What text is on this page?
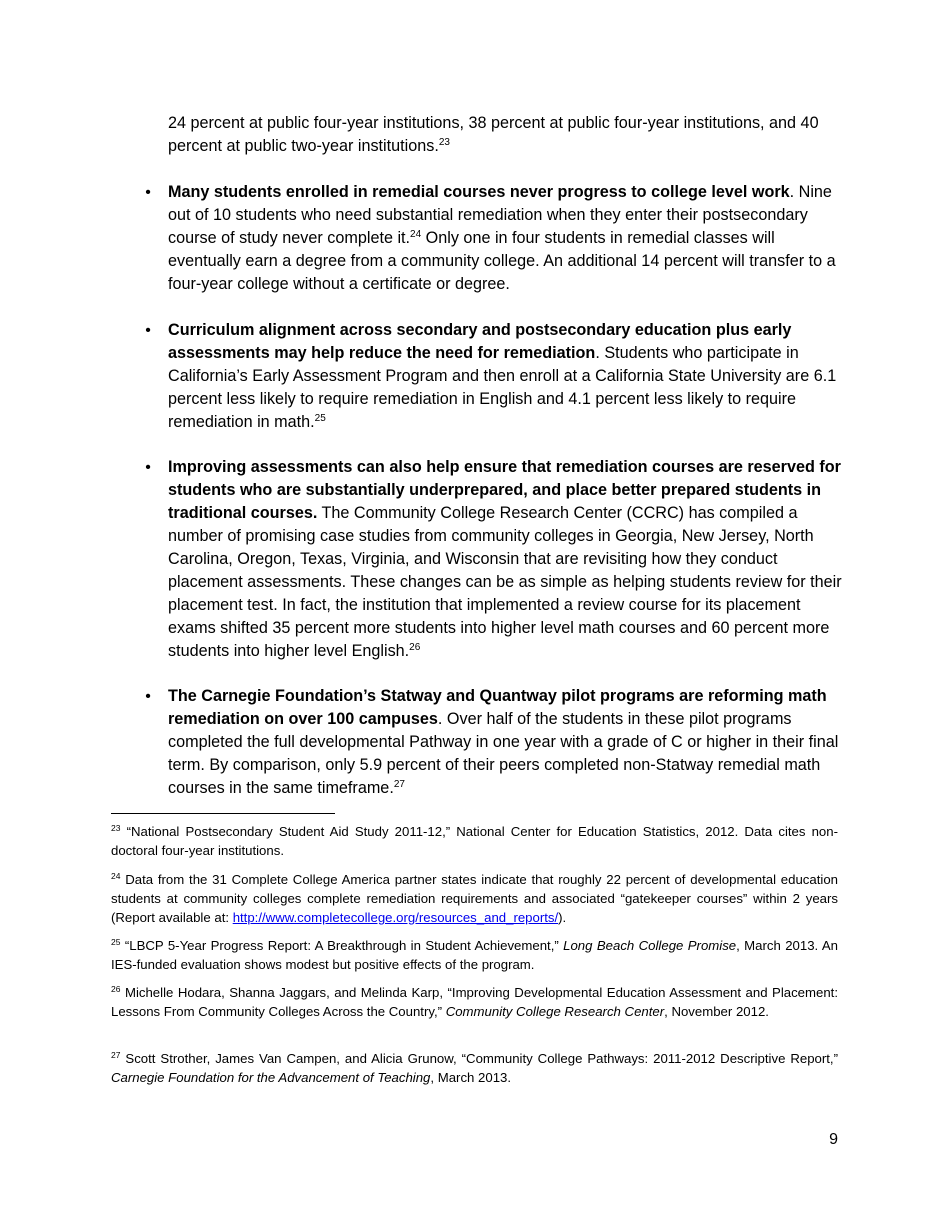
24 percent at public four-year institutions, 38 percent at public four-year institutions, and 40 percent at public two-year institutions.$^{23}$

•	Many students enrolled in remedial courses never progress to college level work. Nine out of 10 students who need substantial remediation when they enter their postsecondary course of study never complete it.$^{24}$ Only one in four students in remedial classes will eventually earn a degree from a community college. An additional 14 percent will transfer to a four-year college without a certificate or degree.
•	Curriculum alignment across secondary and postsecondary education plus early assessments may help reduce the need for remediation. Students who participate in California’s Early Assessment Program and then enroll at a California State University are 6.1 percent less likely to require remediation in English and 4.1 percent less likely to require remediation in math.$^{25}$
•	Improving assessments can also help ensure that remediation courses are reserved for students who are substantially underprepared, and place better prepared students in traditional courses. The Community College Research Center (CCRC) has compiled a number of promising case studies from community colleges in Georgia, New Jersey, North Carolina, Oregon, Texas, Virginia, and Wisconsin that are revisiting how they conduct placement assessments. These changes can be as simple as helping students review for their placement test. In fact, the institution that implemented a review course for its placement exams shifted 35 percent more students into higher level math courses and 60 percent more students into higher level English.$^{26}$
•	The Carnegie Foundation’s Statway and Quantway pilot programs are reforming math remediation on over 100 campuses. Over half of the students in these pilot programs completed the full developmental Pathway in one year with a grade of C or higher in their final term. By comparison, only 5.9 percent of their peers completed non-Statway remedial math courses in the same timeframe.$^{27}$

$^{23}$ “National Postsecondary Student Aid Study 2011-12,” National Center for Education Statistics, 2012. Data cites non-doctoral four-year institutions.

$^{24}$ Data from the 31 Complete College America partner states indicate that roughly 22 percent of developmental education students at community colleges complete remediation requirements and associated “gatekeeper courses” within 2 years (Report available at: http://www.completecollege.org/resources_and_reports/).

$^{25}$ “LBCP 5-Year Progress Report: A Breakthrough in Student Achievement,” Long Beach College Promise, March 2013. An IES-funded evaluation shows modest but positive effects of the program.

$^{26}$ Michelle Hodara, Shanna Jaggars, and Melinda Karp, “Improving Developmental Education Assessment and Placement: Lessons From Community Colleges Across the Country,” Community College Research Center, November 2012.

$^{27}$ Scott Strother, James Van Campen, and Alicia Grunow, “Community College Pathways: 2011-2012 Descriptive Report,” Carnegie Foundation for the Advancement of Teaching, March 2013.

9
